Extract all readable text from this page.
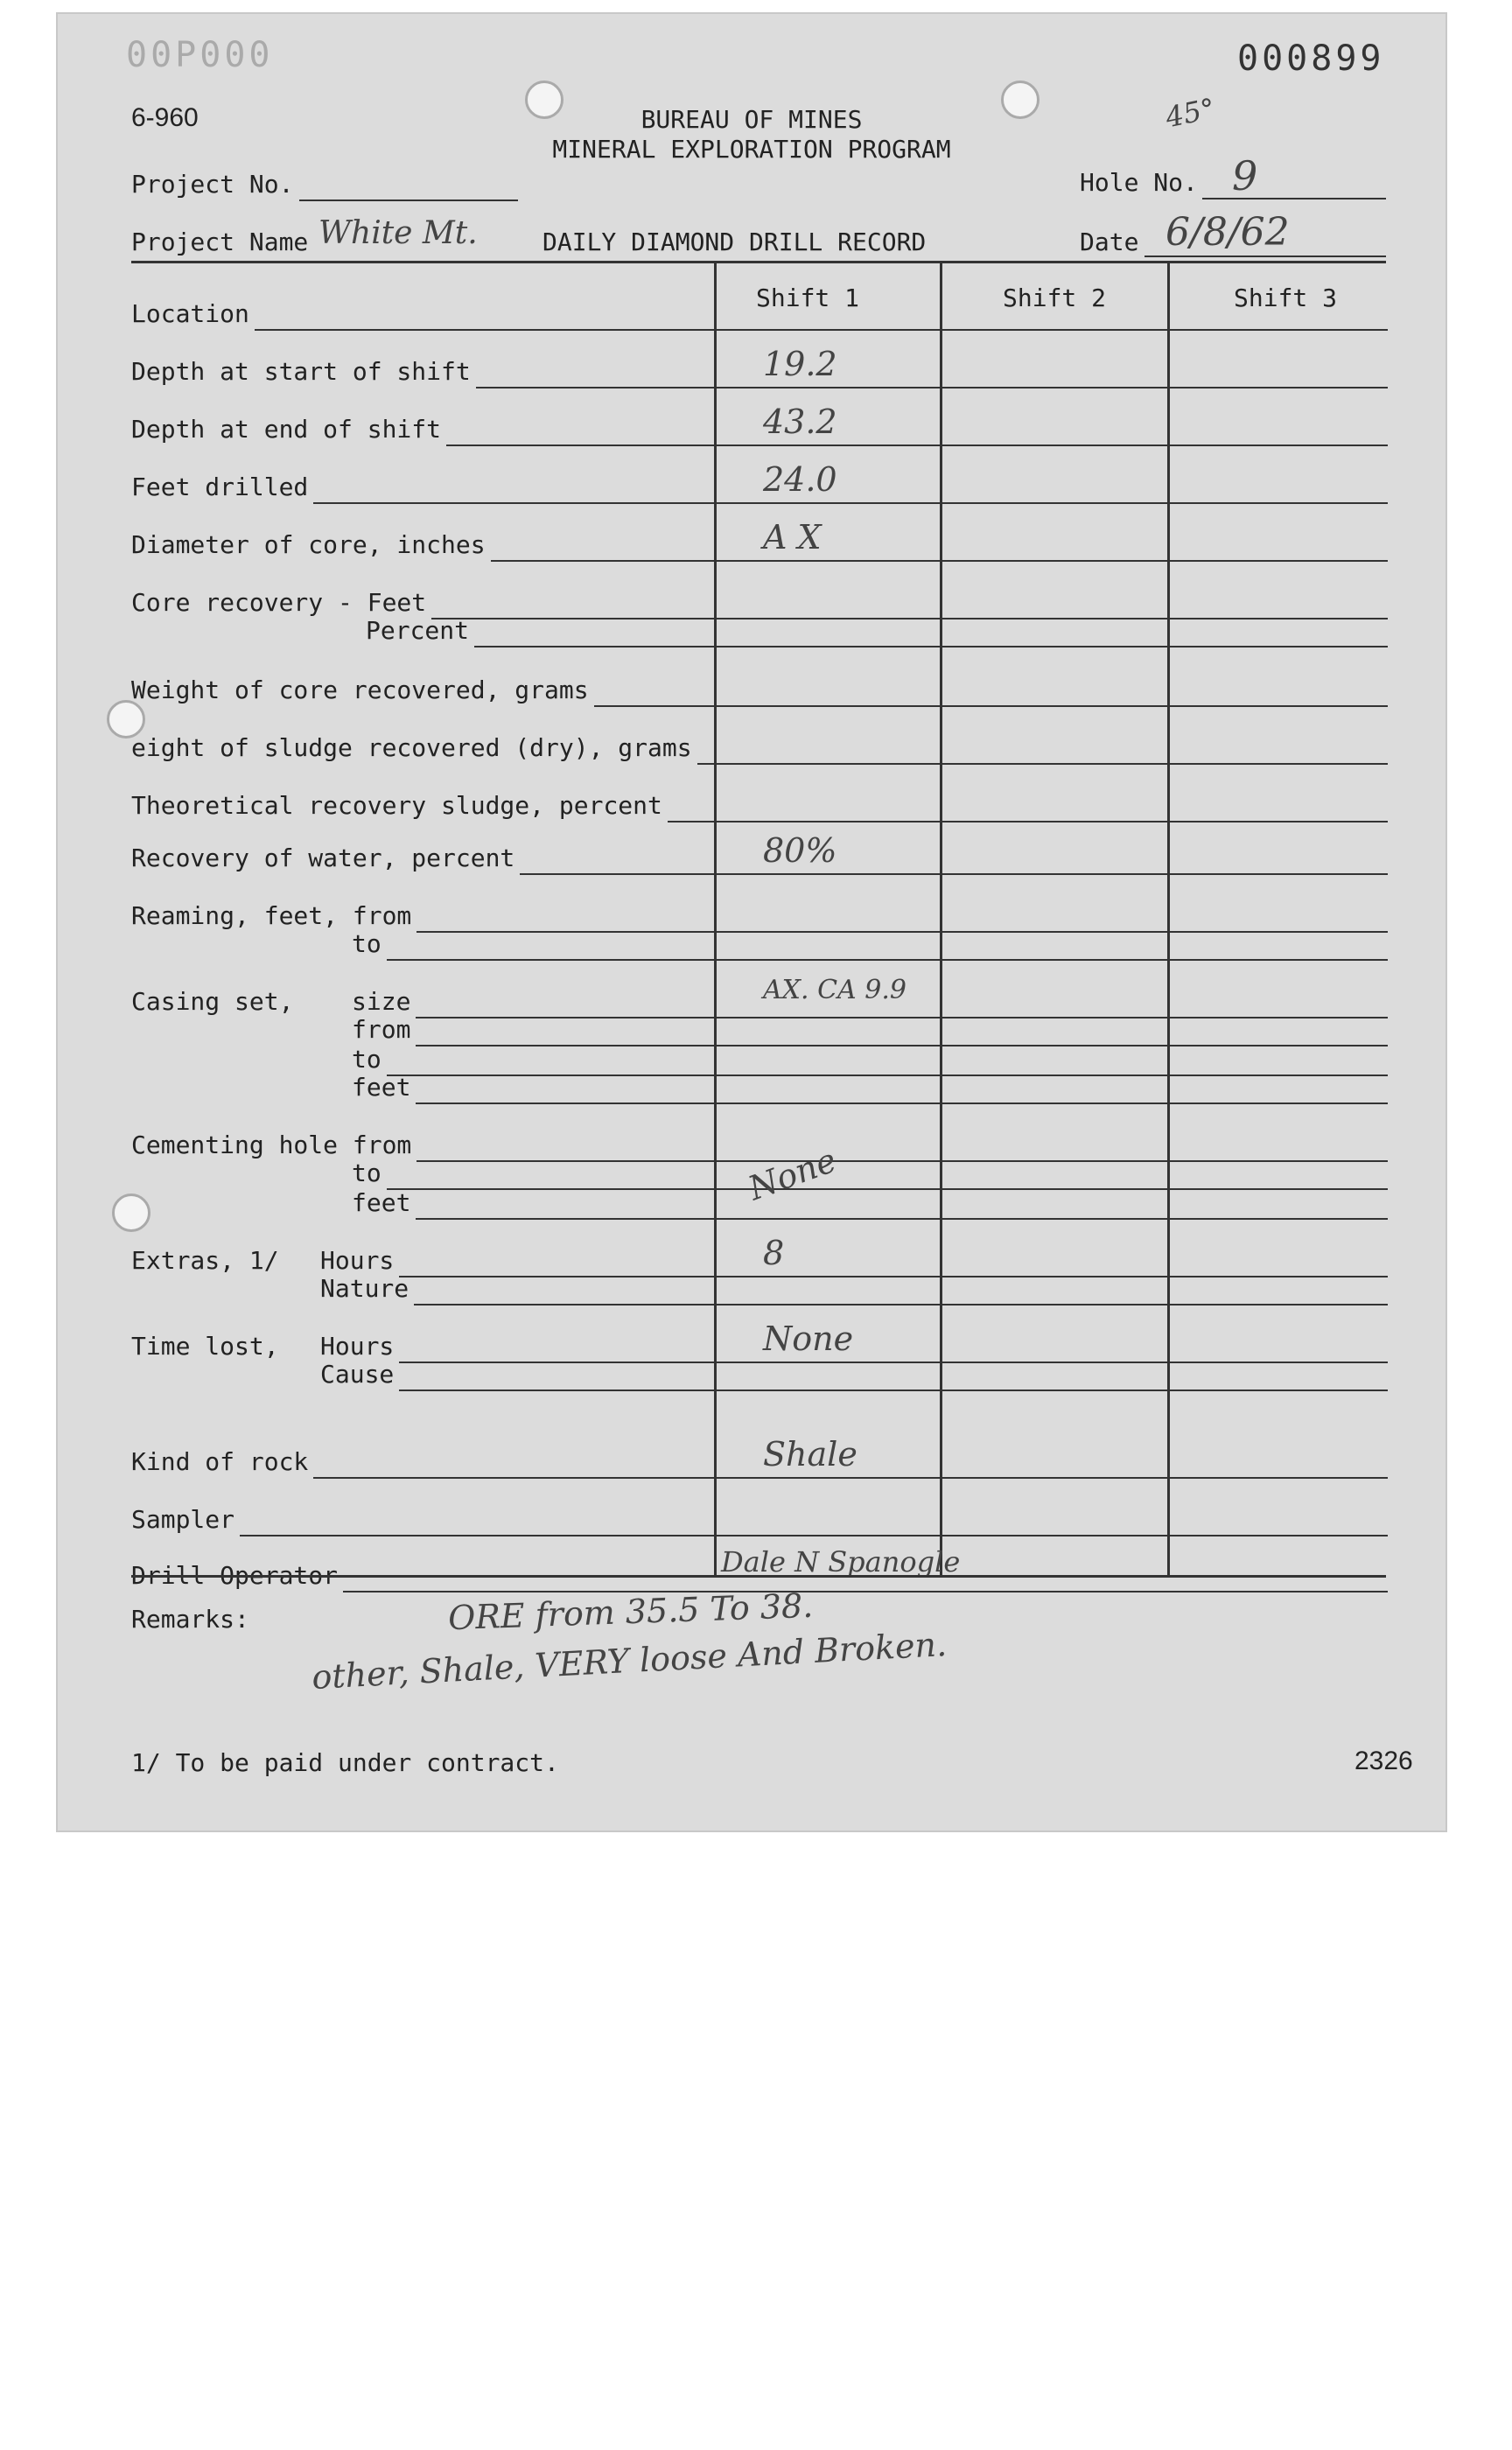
00P000	000899
6-960	BUREAU OF MINES
MINERAL EXPLORATION PROGRAM
45°
Project No.	Hole No. 9
Project Name White Mt.	DAILY DIAMOND DRILL RECORD	Date 6/8/62
Shift 1	Shift 2	Shift 3
Location
Depth at start of shift	19.2
Depth at end of shift	43.2
Feet drilled	24.0
Diameter of core, inches	A X
Core recovery - Feet
Percent
Weight of core recovered, grams
eight of sludge recovered (dry), grams
Theoretical recovery sludge, percent
Recovery of water, percent	80%
Reaming, feet, from
to
Casing set, size	AX. CA 9.9
from
to
feet
Cementing hole from
to	None
feet
Extras, 1/ Hours	8
Nature
Time lost, Hours	None
Cause
Kind of rock	Shale
Sampler
Drill Operator	Dale N Spanogle
Remarks:	ORE from 35.5 To 38.
other, Shale, VERY loose And Broken.
1/ To be paid under contract.	2326
